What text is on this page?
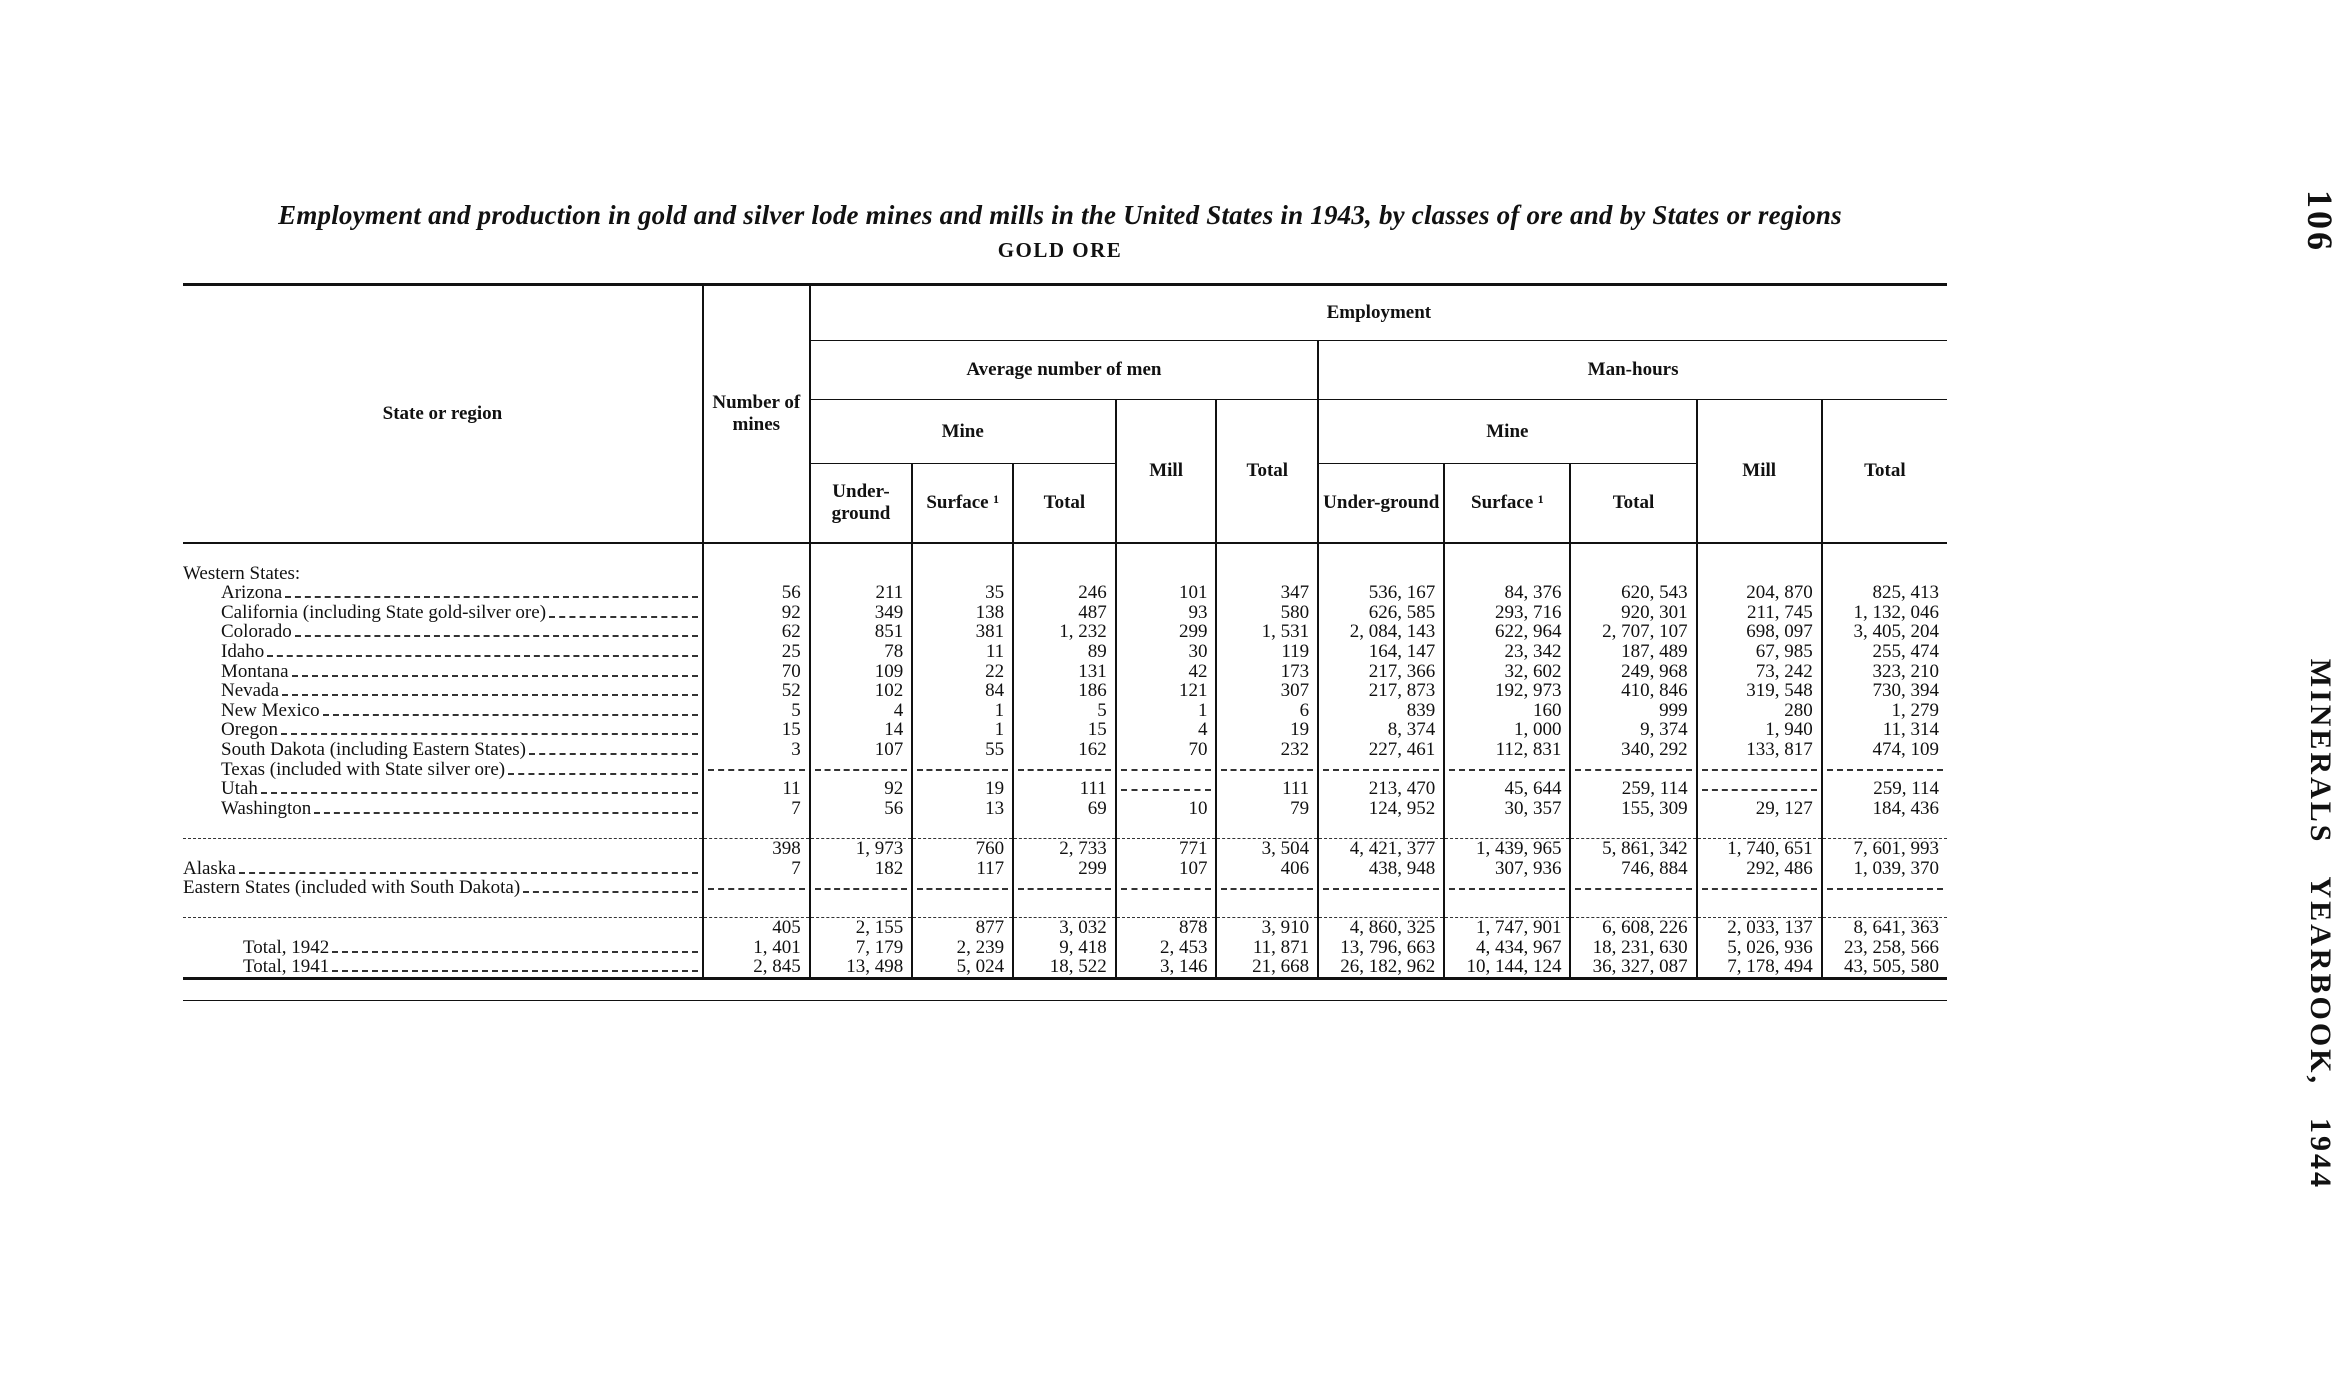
Employment and production in gold and silver lode mines and mills in the United States in 1943, by classes of ore and by States or regions
GOLD ORE	106
MINERALS
YEARBOOK,
1944
State or region	Number of mines	Employment									
		Average number of men					Man-hours				
		Mine			Mill	Total	Mine			Mill	Total
		Under-ground	Surface ¹	Total			Under-ground	Surface ¹	Total		

Western States:											

Arizona	56	211	35	246	101	347	536, 167	84, 376	620, 543	204, 870	825, 413

California (including State gold-silver ore)	92	349	138	487	93	580	626, 585	293, 716	920, 301	211, 745	1, 132, 046

Colorado	62	851	381	1, 232	299	1, 531	2, 084, 143	622, 964	2, 707, 107	698, 097	3, 405, 204

Idaho	25	78	11	89	30	119	164, 147	23, 342	187, 489	67, 985	255, 474

Montana	70	109	22	131	42	173	217, 366	32, 602	249, 968	73, 242	323, 210

Nevada	52	102	84	186	121	307	217, 873	192, 973	410, 846	319, 548	730, 394

New Mexico	5	4	1	5	1	6	839	160	999	280	1, 279

Oregon	15	14	1	15	4	19	8, 374	1, 000	9, 374	1, 940	11, 314

South Dakota (including Eastern States)	3	107	55	162	70	232	227, 461	112, 831	340, 292	133, 817	474, 109

Texas (included with State silver ore)											

Utah	11	92	19	111		111	213, 470	45, 644	259, 114		259, 114

Washington	7	56	13	69	10	79	124, 952	30, 357	155, 309	29, 127	184, 436

	398	1, 973	760	2, 733	771	3, 504	4, 421, 377	1, 439, 965	5, 861, 342	1, 740, 651	7, 601, 993

Alaska	7	182	117	299	107	406	438, 948	307, 936	746, 884	292, 486	1, 039, 370

Eastern States (included with South Dakota)											

	405	2, 155	877	3, 032	878	3, 910	4, 860, 325	1, 747, 901	6, 608, 226	2, 033, 137	8, 641, 363

Total, 1942	1, 401	7, 179	2, 239	9, 418	2, 453	11, 871	13, 796, 663	4, 434, 967	18, 231, 630	5, 026, 936	23, 258, 566

Total, 1941	2, 845	13, 498	5, 024	18, 522	3, 146	21, 668	26, 182, 962	10, 144, 124	36, 327, 087	7, 178, 494	43, 505, 580
